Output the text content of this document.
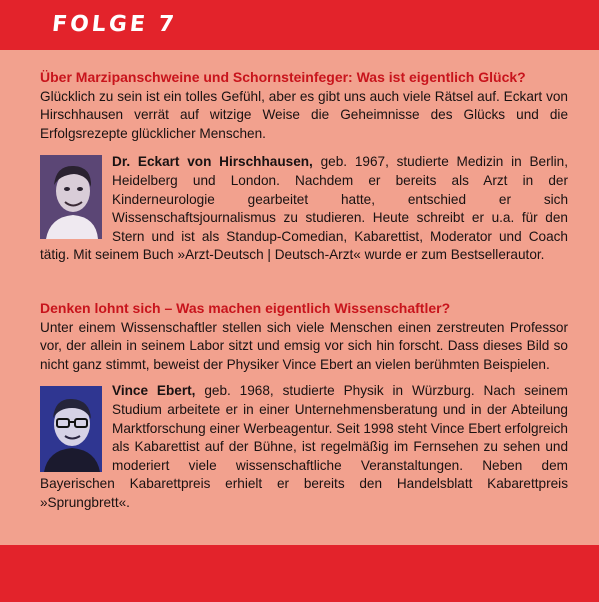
FOLGE 7

Über Marzipanschweine und Schornsteinfeger: Was ist eigentlich Glück?

Glücklich zu sein ist ein tolles Gefühl, aber es gibt uns auch viele Rätsel auf. Eckart von Hirschhausen verrät auf witzige Weise die Geheimnisse des Glücks und die Erfolgsrezepte glücklicher Menschen.

Dr. Eckart von Hirschhausen, geb. 1967, studierte Medizin in Berlin, Heidelberg und London. Nachdem er bereits als Arzt in der Kinderneurologie gearbeitet hatte, entschied er sich Wissenschaftsjournalismus zu studieren. Heute schreibt er u.a. für den Stern und ist als Standup-Comedian, Kabarettist, Moderator und Coach tätig. Mit seinem Buch »Arzt-Deutsch | Deutsch-Arzt« wurde er zum Bestsellerautor.

Denken lohnt sich – Was machen eigentlich Wissenschaftler?

Unter einem Wissenschaftler stellen sich viele Menschen einen zerstreuten Professor vor, der allein in seinem Labor sitzt und emsig vor sich hin forscht. Dass dieses Bild so nicht ganz stimmt, beweist der Physiker Vince Ebert an vielen berühmten Beispielen.

Vince Ebert, geb. 1968, studierte Physik in Würzburg. Nach seinem Studium arbeitete er in einer Unternehmensberatung und in der Abteilung Marktforschung einer Werbeagentur. Seit 1998 steht Vince Ebert erfolgreich als Kabarettist auf der Bühne, ist regelmäßig im Fernsehen zu sehen und moderiert viele wissenschaftliche Veranstaltungen. Neben dem Bayerischen Kabarettpreis erhielt er bereits den Handelsblatt Kabarettpreis »Sprungbrett«.
